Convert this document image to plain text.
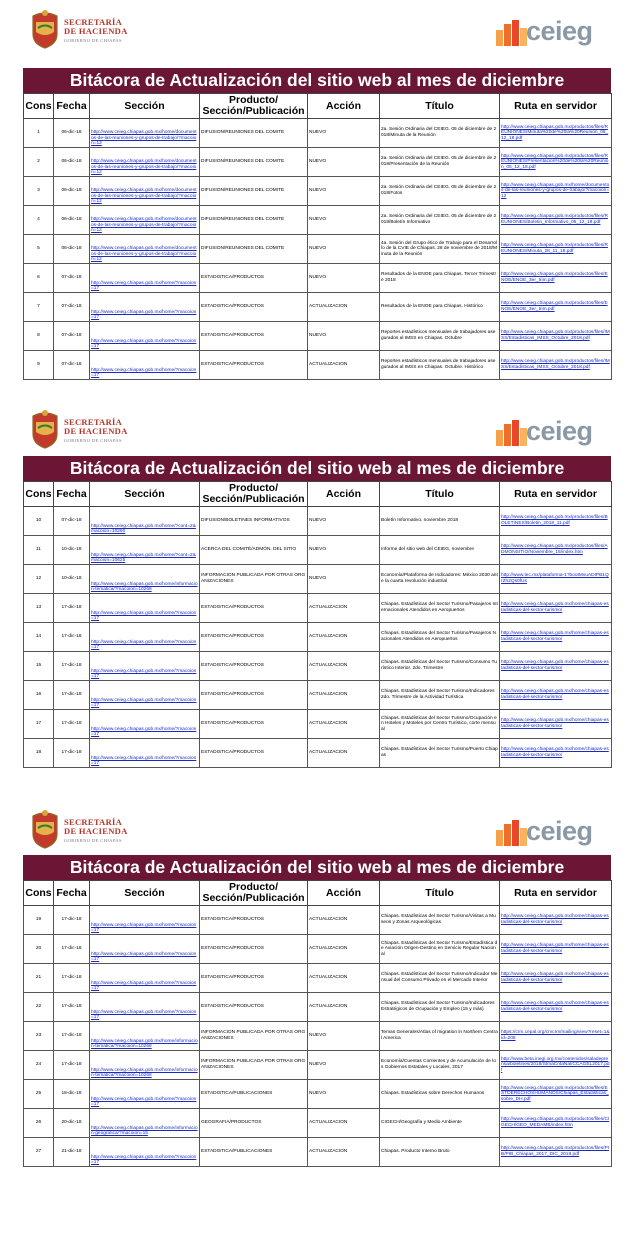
SECRETARÍA
DE HACIENDA
GOBIERNO DE CHIAPAS	ceieg
Bitácora de Actualización del sitio web al mes de diciembre
Cons	Fecha	Sección	Producto/ Sección/Publicación	Acción	Título	Ruta en servidor
1	06-dic-18	http://www.ceieg.chiapas.gob.mx/home/documentos-de-las-reuniones-y-grupos-de-trabajo/?macoion=12	DIFUSION/REUNIONES DEL COMITE	NUEVO	2a. Sesión Ordinaria del CEIEG. 05 de diciembre de 2018/Minuta de la Reunión	http://www.ceieg.chiapas.gob.mx/productos/files/REUNIONES/Minuta%20de%20la%20Reunion_05_12_18.pdf
2	06-dic-18	http://www.ceieg.chiapas.gob.mx/home/documentos-de-las-reuniones-y-grupos-de-trabajo/?macoion=12	DIFUSION/REUNIONES DEL COMITE	NUEVO	2a. Sesión Ordinaria del CEIEG. 05 de diciembre de 2018/Presentación de la Reunión	http://www.ceieg.chiapas.gob.mx/productos/files/REUNIONES/Presentacion%20de%20la%20Reunion_05_12_18.pdf
3	06-dic-18	http://www.ceieg.chiapas.gob.mx/home/documentos-de-las-reuniones-y-grupos-de-trabajo/?macoion=12	DIFUSION/REUNIONES DEL COMITE	NUEVO	2a. Sesión Ordinaria del CEIEG. 05 de diciembre de 2018/Fotos	http://www.ceieg.chiapas.gob.mx/home/documentos-de-las-reuniones-y-grupos-de-trabajo/?macoion=12
4	06-dic-18	http://www.ceieg.chiapas.gob.mx/home/documentos-de-las-reuniones-y-grupos-de-trabajo/?macoion=12	DIFUSION/REUNIONES DEL COMITE	NUEVO	2a. Sesión Ordinaria del CEIEG. 05 de diciembre de 2018/Boletín Informativo	http://www.ceieg.chiapas.gob.mx/productos/files/REUNIONES/Boletin_Informativo_05_12_18.pdf
5	06-dic-18	http://www.ceieg.chiapas.gob.mx/home/documentos-de-las-reuniones-y-grupos-de-trabajo/?macoion=12	DIFUSION/REUNIONES DEL COMITE	NUEVO	4a. Sesión del Grupo ético de Trabajo para el Desarrollo de la CVIE de Chiapas. 28 de noviembre de 2018/Minuta de la Reunión	http://www.ceieg.chiapas.gob.mx/productos/files/REUNIONES/Minuta_28_11_18.pdf
6	07-dic-18	http://www.ceieg.chiapas.gob.mx/home/?macoion=17	ESTADISTICA/PRODUCTOS	NUEVO	Resultados de la ENOE para Chiapas. Tercer Trimestre 2018	http://www.ceieg.chiapas.gob.mx/productos/files/ENOE/ENOE_3er_trim.pdf
7	07-dic-18	http://www.ceieg.chiapas.gob.mx/home/?macoion=17	ESTADISTICA/PRODUCTOS	ACTUALIZACION	Resultados de la ENOE para Chiapas. Histórico	http://www.ceieg.chiapas.gob.mx/productos/files/ENOE/ENOE_3er_trim.pdf
8	07-dic-18	http://www.ceieg.chiapas.gob.mx/home/?macoion=17	ESTADISTICA/PRODUCTOS	NUEVO	Reportes estadísticos mensuales de trabajadores asegurados al IMSS en Chiapas. Octubre	http://www.ceieg.chiapas.gob.mx/productos/files/IMSS/Estadisticas_IMSS_Octubre_2018.pdf
9	07-dic-18	http://www.ceieg.chiapas.gob.mx/home/?macoion=17	ESTADISTICA/PRODUCTOS	ACTUALIZACION	Reportes estadísticos mensuales de trabajadores asegurados al IMSS en Chiapas. Octubre. Histórico	http://www.ceieg.chiapas.gob.mx/productos/files/IMSS/Estadisticas_IMSS_Octubre_2018.pdf
SECRETARÍA
DE HACIENDA
GOBIERNO DE CHIAPAS	ceieg
Bitácora de Actualización del sitio web al mes de diciembre
Cons	Fecha	Sección	Producto/ Sección/Publicación	Acción	Título	Ruta en servidor
10	07-dic-18	http://www.ceieg.chiapas.gob.mx/home/?cont=2&macoion=10260	DIFUSION/BOLETINES INFORMATIVOS	NUEVO	Boletín Informativo, noviembre 2018	http://www.ceieg.chiapas.gob.mx/productos/files/BOLETINES/Boletin_2018_11.pdf
11	10-dic-18	http://www.ceieg.chiapas.gob.mx/home/?cont=2&macoion=10625	ACERCA DEL COMITÉ/ADMÓN. DEL SITIO	NUEVO	Informe del sitio web del CEIEG, noviembre	http://www.ceieg.chiapas.gob.mx/productos/files/ADMONSITIO/Noviembre_18/index.htm
12	10-dic-18	http://www.ceieg.chiapas.gob.mx/home/informacion-tematica/?macoion=10268	INFORMACION PUBLICADA POR OTRAS ORGANIZACIONES	NUEVO	Economía/Plataforma de Indicadores: México 2030 ante la cuarta revolución industrial	http://www.tec.mx/plataforma-1?bootMvuADIPB1QrZh2Qs0fUs
13	17-dic-18	http://www.ceieg.chiapas.gob.mx/home/?macoion=17	ESTADISTICA/PRODUCTOS	ACTUALIZACION	Chiapas. Estadísticas del Sector Turismo/Pasajeros Internacionales Atendidos en Aeropuertos	http://www.ceieg.chiapas.gob.mx/home/chiapas-estadisticas-del-sector-turismo/
14	17-dic-18	http://www.ceieg.chiapas.gob.mx/home/?macoion=17	ESTADISTICA/PRODUCTOS	ACTUALIZACION	Chiapas. Estadísticas del Sector Turismo/Pasajeros Nacionales Atendidos en Aeropuertos	http://www.ceieg.chiapas.gob.mx/home/chiapas-estadisticas-del-sector-turismo/
15	17-dic-18	http://www.ceieg.chiapas.gob.mx/home/?macoion=17	ESTADISTICA/PRODUCTOS	ACTUALIZACION	Chiapas. Estadísticas del Sector Turismo/Consumo Turístico Interior. 2do. Trimestre	http://www.ceieg.chiapas.gob.mx/home/chiapas-estadisticas-del-sector-turismo/
16	17-dic-18	http://www.ceieg.chiapas.gob.mx/home/?macoion=17	ESTADISTICA/PRODUCTOS	ACTUALIZACION	Chiapas. Estadísticas del Sector Turismo/Indicadores 2do. Trimestre de la Actividad Turística	http://www.ceieg.chiapas.gob.mx/home/chiapas-estadisticas-del-sector-turismo/
17	17-dic-18	http://www.ceieg.chiapas.gob.mx/home/?macoion=17	ESTADISTICA/PRODUCTOS	ACTUALIZACION	Chiapas. Estadísticas del Sector Turismo/Ocupación en Hoteles y Moteles por Centro Turístico, corte mensual	http://www.ceieg.chiapas.gob.mx/home/chiapas-estadisticas-del-sector-turismo/
18	17-dic-18	http://www.ceieg.chiapas.gob.mx/home/?macoion=17	ESTADISTICA/PRODUCTOS	ACTUALIZACION	Chiapas. Estadísticas del Sector Turismo/Puerto Chiapas	http://www.ceieg.chiapas.gob.mx/home/chiapas-estadisticas-del-sector-turismo/
SECRETARÍA
DE HACIENDA
GOBIERNO DE CHIAPAS	ceieg
Bitácora de Actualización del sitio web al mes de diciembre
Cons	Fecha	Sección	Producto/ Sección/Publicación	Acción	Título	Ruta en servidor
19	17-dic-18	http://www.ceieg.chiapas.gob.mx/home/?macoion=17	ESTADISTICA/PRODUCTOS	ACTUALIZACION	Chiapas. Estadísticas del Sector Turismo/Visitas a Museos y Zonas Arqueológicas	http://www.ceieg.chiapas.gob.mx/home/chiapas-estadisticas-del-sector-turismo/
20	17-dic-18	http://www.ceieg.chiapas.gob.mx/home/?macoion=17	ESTADISTICA/PRODUCTOS	ACTUALIZACION	Chiapas. Estadísticas del Sector Turismo/Estadística de Aviación Origen-Destino en Servicio Regular Nacional	http://www.ceieg.chiapas.gob.mx/home/chiapas-estadisticas-del-sector-turismo/
21	17-dic-18	http://www.ceieg.chiapas.gob.mx/home/?macoion=17	ESTADISTICA/PRODUCTOS	ACTUALIZACION	Chiapas. Estadísticas del Sector Turismo/Indicador Mensual del Consumo Privado en el Mercado Interior	http://www.ceieg.chiapas.gob.mx/home/chiapas-estadisticas-del-sector-turismo/
22	17-dic-18	http://www.ceieg.chiapas.gob.mx/home/?macoion=17	ESTADISTICA/PRODUCTOS	ACTUALIZACION	Chiapas. Estadísticas del Sector Turismo/Indicadores Estratégicos de Ocupación y Empleo (15 y más)	http://www.ceieg.chiapas.gob.mx/home/chiapas-estadisticas-del-sector-turismo/
23	17-dic-18	http://www.ceieg.chiapas.gob.mx/home/informacion-tematica/?macoion=10268	INFORMACION PUBLICADA POR OTRAS ORGANIZACIONES	NUEVO	Temas Generales/Atlas of migration in Northern Central America	https://crm.cepal.org/crvcrm/mailing/view?reset=1&id=205
24	17-dic-18	http://www.ceieg.chiapas.gob.mx/home/informacion-tematica/?macoion=10268	INFORMACION PUBLICADA POR OTRAS ORGANIZACIONES	NUEVO	Economía/Cuentas Corrientes y de Acumulación de los Gobiernos Estatales y Locales, 2017	http://www.beta.inegi.org.mx/contenidos/saladeprensa/boletines/2018/StmaCntaNal/CCAGEL2017.pdf
25	18-dic-18	http://www.ceieg.chiapas.gob.mx/home/?macoion=17	ESTADISTICA/PUBLICACIONES	NUEVO	Chiapas. Estadísticas sobre Derechos Humanos	http://www.ceieg.chiapas.gob.mx/productos/files/ESTDERECHOSHUMANOS/Chiapas_Estadisticas_sobre_DH.pdf
26	20-dic-18	http://www.ceieg.chiapas.gob.mx/home/informacion-geografica/?macoion=15	GEOGRAFIA/PRODUCTOS	ACTUALIZACION	CIGECH/Geografía y Medio Ambiente	http://www.ceieg.chiapas.gob.mx/productos/files/CIGECH/GEO_MEDAMB/index.htm
27	21-dic-18	http://www.ceieg.chiapas.gob.mx/home/?macoion=17	ESTADISTICA/PUBLICACIONES	ACTUALIZACION	Chiapas. Producto Interno Bruto	http://www.ceieg.chiapas.gob.mx/productos/files/PIB/PIB_Chiapas_2017_DIC_2018.pdf
